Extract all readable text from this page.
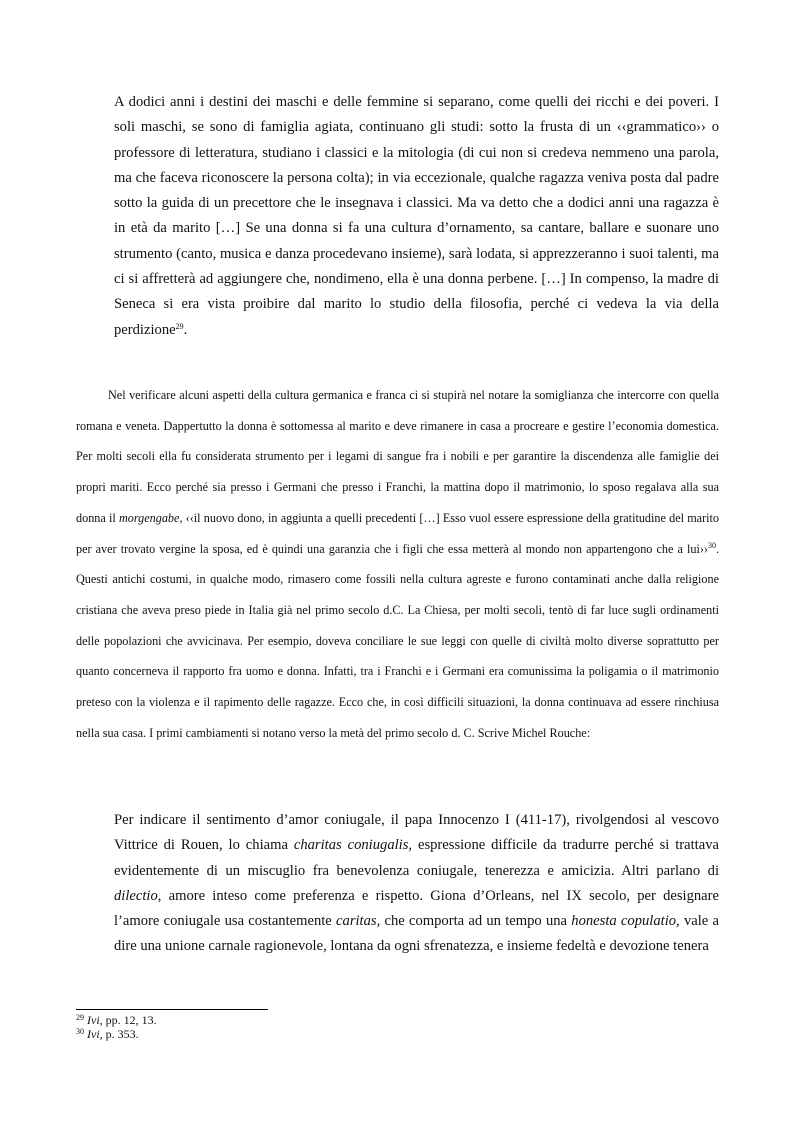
A dodici anni i destini dei maschi e delle femmine si separano, come quelli dei ricchi e dei poveri. I soli maschi, se sono di famiglia agiata, continuano gli studi: sotto la frusta di un ‹‹grammatico›› o professore di letteratura, studiano i classici e la mitologia (di cui non si credeva nemmeno una parola, ma che faceva riconoscere la persona colta); in via eccezionale, qualche ragazza veniva posta dal padre sotto la guida di un precettore che le insegnava i classici. Ma va detto che a dodici anni una ragazza è in età da marito […] Se una donna si fa una cultura d’ornamento, sa cantare, ballare e suonare uno strumento (canto, musica e danza procedevano insieme), sarà lodata, si apprezzeranno i suoi talenti, ma ci si affretterà ad aggiungere che, nondimeno, ella è una donna perbene. […] In compenso, la madre di Seneca si era vista proibire dal marito lo studio della filosofia, perché ci vedeva la via della perdizione$^{29}$.
Nel verificare alcuni aspetti della cultura germanica e franca ci si stupirà nel notare la somiglianza che intercorre con quella romana e veneta. Dappertutto la donna è sottomessa al marito e deve rimanere in casa a procreare e gestire l’economia domestica. Per molti secoli ella fu considerata strumento per i legami di sangue fra i nobili e per garantire la discendenza alle famiglie dei propri mariti. Ecco perché sia presso i Germani che presso i Franchi, la mattina dopo il matrimonio, lo sposo regalava alla sua donna il morgengabe, ‹‹il nuovo dono, in aggiunta a quelli precedenti […] Esso vuol essere espressione della gratitudine del marito per aver trovato vergine la sposa, ed è quindi una garanzia che i figli che essa metterà al mondo non appartengono che a lui››$^{30}$. Questi antichi costumi, in qualche modo, rimasero come fossili nella cultura agreste e furono contaminati anche dalla religione cristiana che aveva preso piede in Italia già nel primo secolo d.C. La Chiesa, per molti secoli, tentò di far luce sugli ordinamenti delle popolazioni che avvicinava. Per esempio, doveva conciliare le sue leggi con quelle di civiltà molto diverse soprattutto per quanto concerneva il rapporto fra uomo e donna. Infatti, tra i Franchi e i Germani era comunissima la poligamia o il matrimonio preteso con la violenza e il rapimento delle ragazze. Ecco che, in così difficili situazioni, la donna continuava ad essere rinchiusa nella sua casa. I primi cambiamenti si notano verso la metà del primo secolo d. C. Scrive Michel Rouche:
Per indicare il sentimento d’amor coniugale, il papa Innocenzo I (411-17), rivolgendosi al vescovo Vittrice di Rouen, lo chiama charitas coniugalis, espressione difficile da tradurre perché si trattava evidentemente di un miscuglio fra benevolenza coniugale, tenerezza e amicizia. Altri parlano di dilectio, amore inteso come preferenza e rispetto. Giona d’Orleans, nel IX secolo, per designare l’amore coniugale usa costantemente caritas, che comporta ad un tempo una honesta copulatio, vale a dire una unione carnale ragionevole, lontana da ogni sfrenatezza, e insieme fedeltà e devozione tenera
$^{29}$ Ivi, pp. 12, 13.
$^{30}$ Ivi, p. 353.
